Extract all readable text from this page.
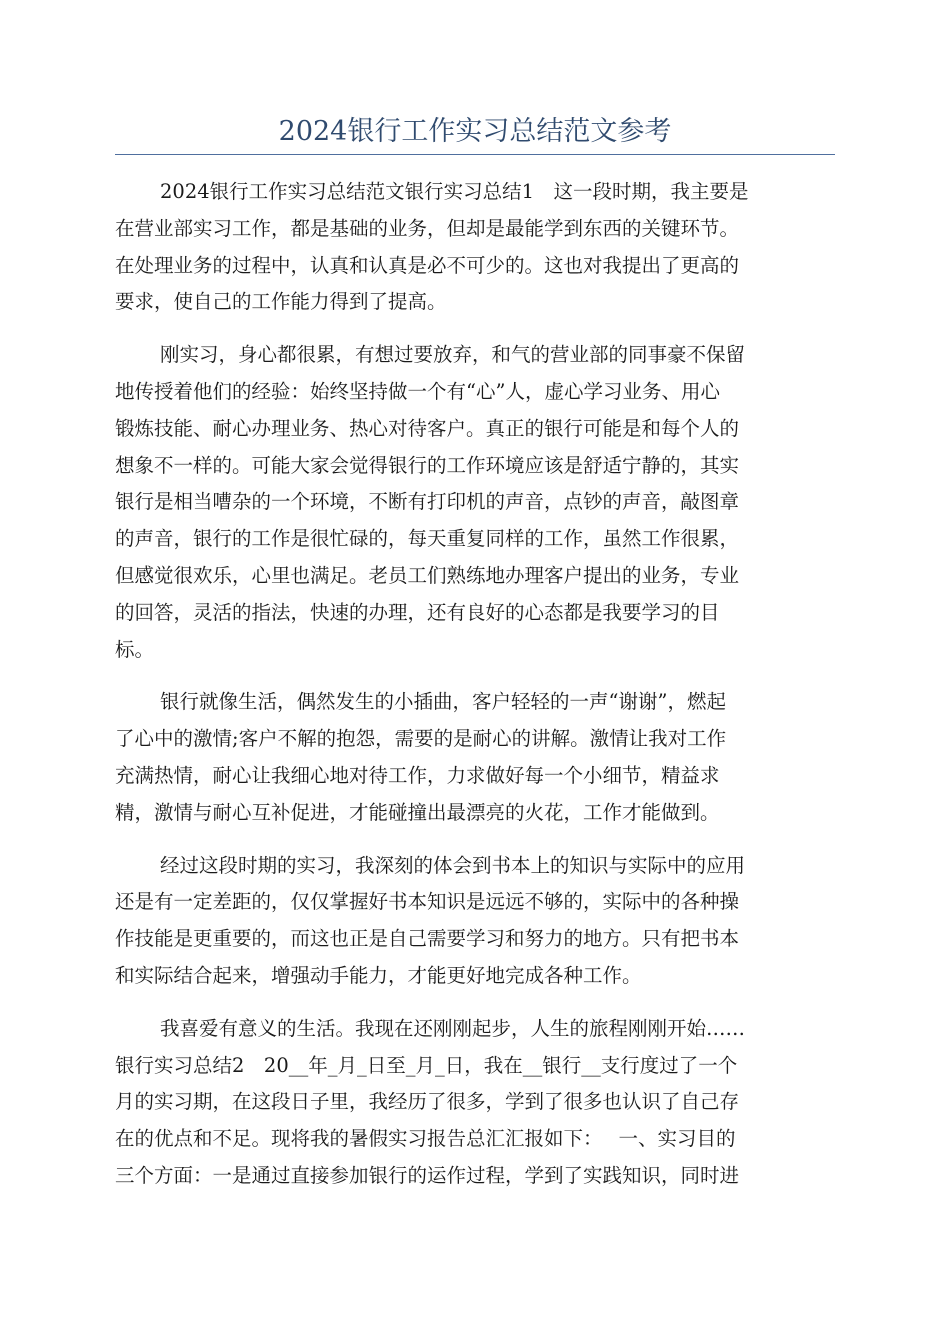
2024银行工作实习总结范文参考
2024银行工作实习总结范文银行实习总结1　这一段时期，我主要是
在营业部实习工作，都是基础的业务，但却是最能学到东西的关键环节。
在处理业务的过程中，认真和认真是必不可少的。这也对我提出了更高的
要求，使自己的工作能力得到了提高。
刚实习，身心都很累，有想过要放弃，和气的营业部的同事豪不保留
地传授着他们的经验：始终坚持做一个有“心”人，虚心学习业务、用心
锻炼技能、耐心办理业务、热心对待客户。真正的银行可能是和每个人的
想象不一样的。可能大家会觉得银行的工作环境应该是舒适宁静的，其实
银行是相当嘈杂的一个环境，不断有打印机的声音，点钞的声音，敲图章
的声音，银行的工作是很忙碌的，每天重复同样的工作，虽然工作很累，
但感觉很欢乐，心里也满足。老员工们熟练地办理客户提出的业务，专业
的回答，灵活的指法，快速的办理，还有良好的心态都是我要学习的目
标。
银行就像生活，偶然发生的小插曲，客户轻轻的一声“谢谢”，燃起
了心中的激情;客户不解的抱怨，需要的是耐心的讲解。激情让我对工作
充满热情，耐心让我细心地对待工作，力求做好每一个小细节，精益求
精，激情与耐心互补促进，才能碰撞出最漂亮的火花，工作才能做到。
经过这段时期的实习，我深刻的体会到书本上的知识与实际中的应用
还是有一定差距的，仅仅掌握好书本知识是远远不够的，实际中的各种操
作技能是更重要的，而这也正是自己需要学习和努力的地方。只有把书本
和实际结合起来，增强动手能力，才能更好地完成各种工作。
我喜爱有意义的生活。我现在还刚刚起步，人生的旅程刚刚开始……
银行实习总结2　20__年_月_日至_月_日，我在__银行__支行度过了一个
月的实习期，在这段日子里，我经历了很多，学到了很多也认识了自己存
在的优点和不足。现将我的暑假实习报告总汇汇报如下：　 一、实习目的
三个方面：一是通过直接参加银行的运作过程，学到了实践知识，同时进
